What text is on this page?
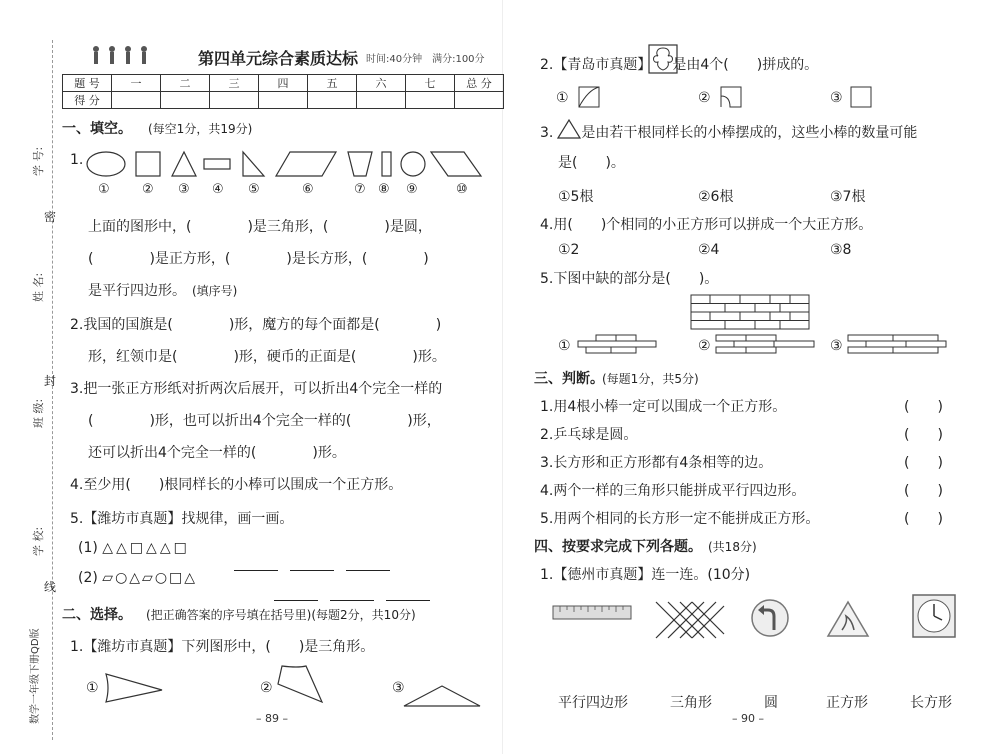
学 号:
姓 名:
班 级:
学 校:
密
封
线
数学一年级下册QD版
第四单元综合素质达标 时间:40分钟　满分:100分
题 号	一	二	三	四	五	六	七	总 分
得 分								
一、填空。 (每空1分，共19分)
1.
① ② ③ ④ ⑤	⑥	⑦ ⑧ ⑨	⑩
上面的图形中，(　　　　)是三角形，(　　　　)是圆，
(　　　　)是正方形，(　　　　)是长方形，(　　　　)
是平行四边形。 (填序号)
2.我国的国旗是(　　　　)形，魔方的每个面都是(　　　　)
形，红领巾是(　　　　)形，硬币的正面是(　　　　)形。
3.把一张正方形纸对折两次后展开，可以折出4个完全一样的
(　　　　)形，也可以折出4个完全一样的(　　　　)形，
还可以折出4个完全一样的(　　　　)形。
4.至少用(　　)根同样长的小棒可以围成一个正方形。
5.【潍坊市真题】找规律，画一画。
(1) △△□△△□
(2) ▱○△▱○□△
二、选择。 (把正确答案的序号填在括号里)(每题2分，共10分)
1.【潍坊市真题】下列图形中，(　　)是三角形。
①	②	③
– 89 –
2.【青岛市真题】　　是由4个(　　)拼成的。
①	②	③
3.　　是由若干根同样长的小棒摆成的，这些小棒的数量可能
是(　　)。
①5根	②6根	③7根
4.用(　　)个相同的小正方形可以拼成一个大正方形。
①2	②4	③8
5.下图中缺的部分是(　　)。
①	②	③
三、判断。
(每题1分，共5分)
1.用4根小棒一定可以围成一个正方形。	(　　)
2.乒乓球是圆。	(　　)
3.长方形和正方形都有4条相等的边。	(　　)
4.两个一样的三角形只能拼成平行四边形。	(　　)
5.用两个相同的长方形一定不能拼成正方形。	(　　)
四、按要求完成下列各题。 (共18分)
1.【德州市真题】连一连。(10分)
平行四边形	三角形	圆	正方形	长方形
– 90 –
